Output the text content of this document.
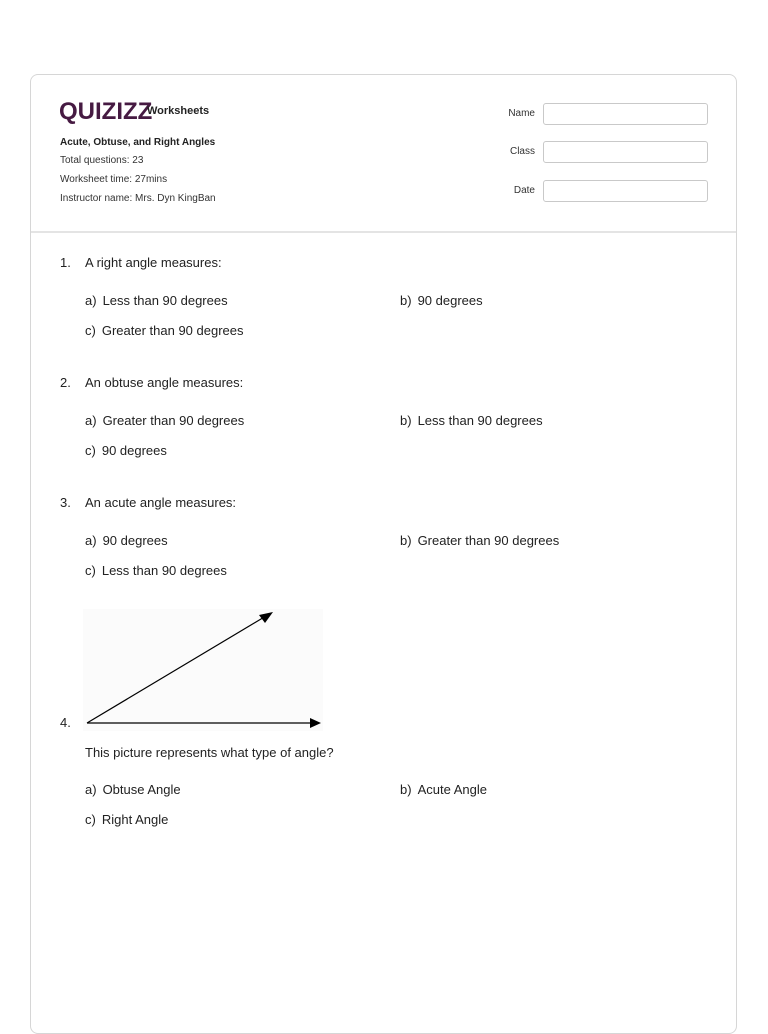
QUIZIZZ
Worksheets
Acute, Obtuse, and Right Angles
Total questions: 23
Worksheet time: 27mins
Instructor name: Mrs. Dyn KingBan
Name
Class
Date
1. A right angle measures:
a) Less than 90 degrees	b) 90 degrees
c) Greater than 90 degrees
2. An obtuse angle measures:
a) Greater than 90 degrees	b) Less than 90 degrees
c) 90 degrees
3. An acute angle measures:
a) 90 degrees	b) Greater than 90 degrees
c) Less than 90 degrees
4.
This picture represents what type of angle?
a) Obtuse Angle	b) Acute Angle
c) Right Angle
